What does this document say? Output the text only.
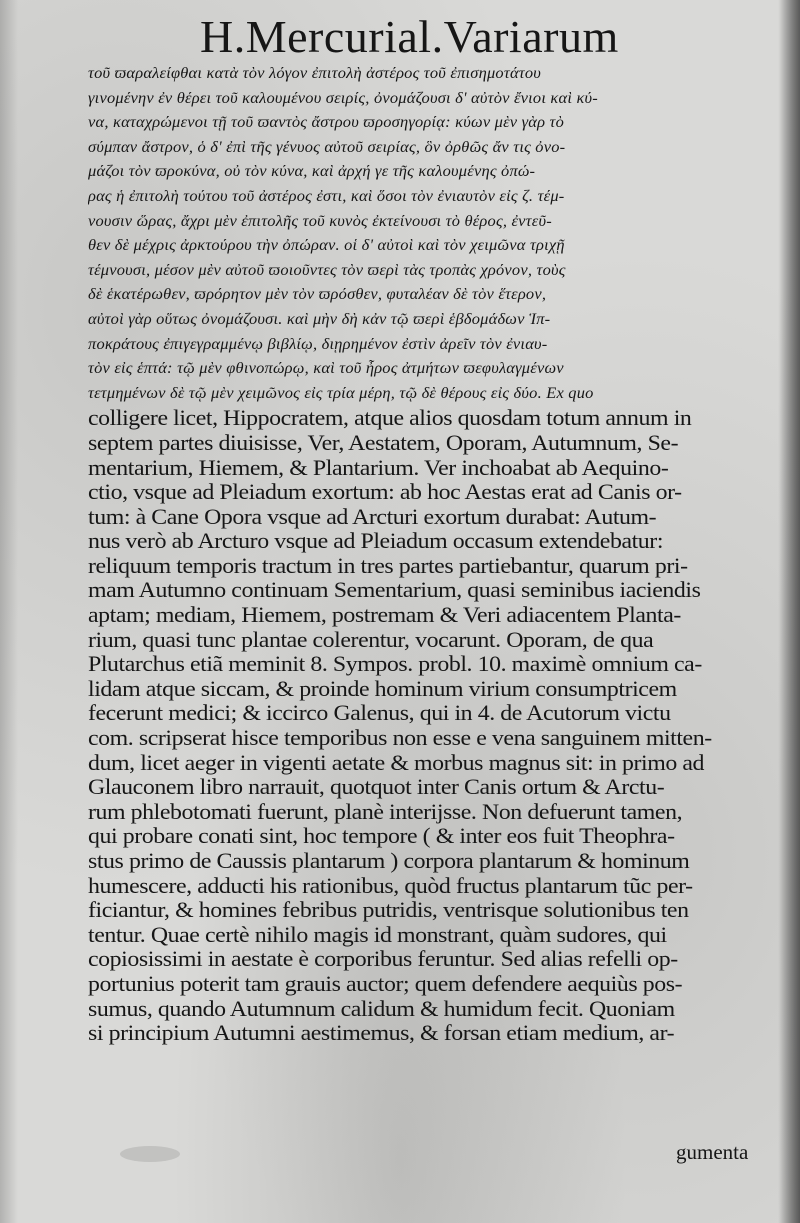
H.Mercurial.Variarum
τοῦ ϖαραλείφθαι κατὰ τὸν λόγον ἐπιτολὴ ἀστέρος τοῦ ἐπισημοτάτου
γινομένην ἐν θέρει τοῦ καλουμένου σειρίς, ὀνομάζουσι δ' αὐτὸν ἔνιοι καὶ κύ-
να, καταχρώμενοι τῇ τοῦ ϖαντὸς ἄστρου ϖροσηγορίᾳ: κύων μὲν γὰρ τὸ
σύμπαν ἄστρον, ὁ δ' ἐπὶ τῆς γένυος αὐτοῦ σειρίας, ὃν ὀρθῶς ἄν τις ὀνο-
μάζοι τὸν ϖροκύνα, οὐ τὸν κύνα, καὶ ἀρχή γε τῆς καλουμένης ὀπώ-
ρας ἡ ἐπιτολὴ τούτου τοῦ ἀστέρος ἐστι, καὶ ὅσοι τὸν ἐνιαυτὸν εἰς ζ. τέμ-
νουσιν ὥρας, ἄχρι μὲν ἐπιτολῆς τοῦ κυνὸς ἐκτείνουσι τὸ θέρος, ἐντεῦ-
θεν δὲ μέχρις ἀρκτούρου τὴν ὀπώραν. οἱ δ' αὐτοὶ καὶ τὸν χειμῶνα τριχῇ
τέμνουσι, μέσον μὲν αὐτοῦ ϖοιοῦντες τὸν ϖερὶ τὰς τροπὰς χρόνον, τοὺς
δὲ ἑκατέρωθεν, ϖρόρητον μὲν τὸν ϖρόσθεν, φυταλέαν δὲ τὸν ἕτερον,
αὐτοὶ γὰρ οὕτως ὀνομάζουσι. καὶ μὴν δὴ κἀν τῷ ϖερὶ ἑβδομάδων Ἱπ-
ποκράτους ἐπιγεγραμμένῳ βιβλίῳ, διῃρημένον ἐστὶν ἀρεῖν τὸν ἐνιαυ-
τὸν εἰς ἑπτά: τῷ μὲν φθινοπώρῳ, καὶ τοῦ ἦρος ἀτμήτων ϖεφυλαγμένων
τετμημένων δὲ τῷ μὲν χειμῶνος εἰς τρία μέρη, τῷ δὲ θέρους εἰς δύο. Ex quo
colligere licet, Hippocratem, atque alios quosdam totum annum in
septem partes diuisisse, Ver, Aestatem, Oporam, Autumnum, Se-
mentarium, Hiemem, & Plantarium. Ver inchoabat ab Aequino-
ctio, vsque ad Pleiadum exortum: ab hoc Aestas erat ad Canis or-
tum: à Cane Opora vsque ad Arcturi exortum durabat: Autum-
nus verò ab Arcturo vsque ad Pleiadum occasum extendebatur:
reliquum temporis tractum in tres partes partiebantur, quarum pri-
mam Autumno continuam Sementarium, quasi seminibus iaciendis
aptam; mediam, Hiemem, postremam & Veri adiacentem Planta-
rium, quasi tunc plantae colerentur, vocarunt. Oporam, de qua
Plutarchus etiã meminit 8. Sympos. probl. 10. maximè omnium ca-
lidam atque siccam, & proinde hominum virium consumptricem
fecerunt medici; & iccirco Galenus, qui in 4. de Acutorum victu
com. scripserat hisce temporibus non esse e vena sanguinem mitten-
dum, licet aeger in vigenti aetate & morbus magnus sit: in primo ad
Glauconem libro narrauit, quotquot inter Canis ortum & Arctu-
rum phlebotomati fuerunt, planè interijsse. Non defuerunt tamen,
qui probare conati sint, hoc tempore ( & inter eos fuit Theophra-
stus primo de Caussis plantarum ) corpora plantarum & hominum
humescere, adducti his rationibus, quòd fructus plantarum tũc per-
ficiantur, & homines febribus putridis, ventrisque solutionibus ten
tentur. Quae certè nihilo magis id monstrant, quàm sudores, qui
copiosissimi in aestate è corporibus feruntur. Sed alias refelli op-
portunius poterit tam grauis auctor; quem defendere aequiùs pos-
sumus, quando Autumnum calidum & humidum fecit. Quoniam
si principium Autumni aestimemus, & forsan etiam medium, ar-
gumenta
